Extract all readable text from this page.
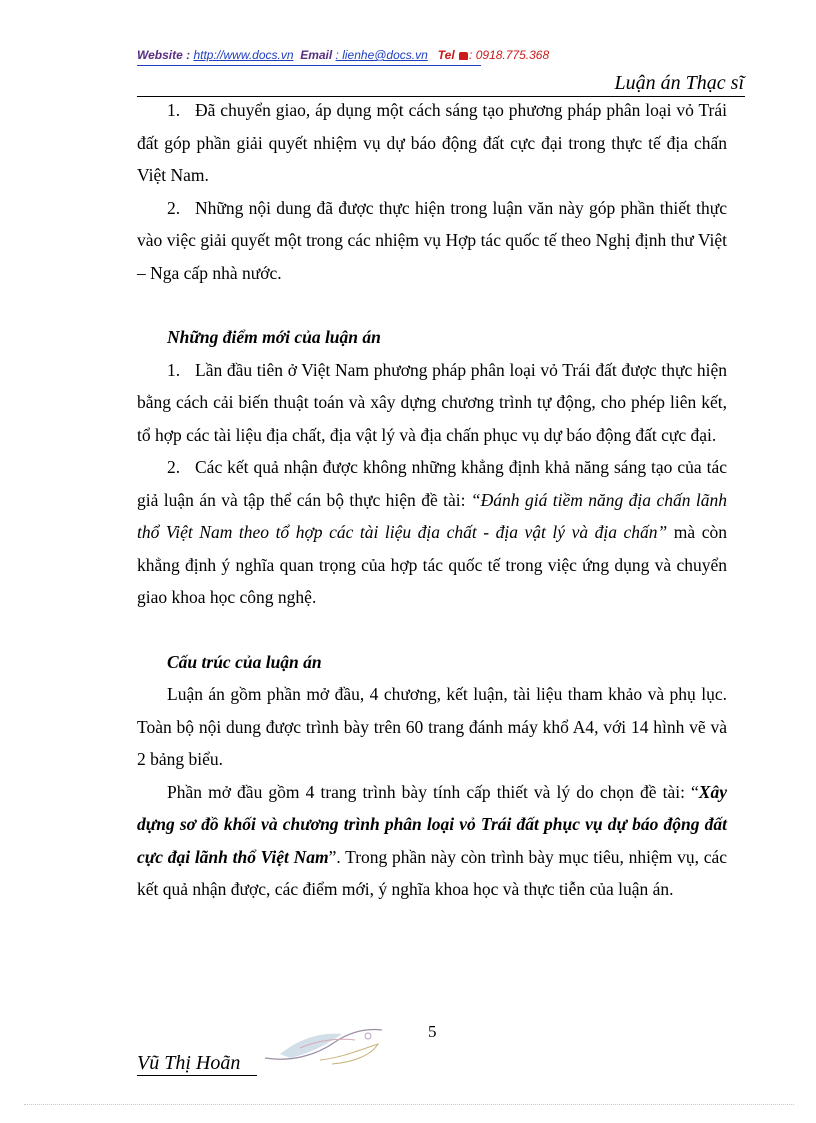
Website : http://www.docs.vn Email : lienhe@docs.vn Tel : 0918.775.368
Luận án Thạc sĩ

1. Đã chuyển giao, áp dụng một cách sáng tạo phương pháp phân loại vỏ Trái đất góp phần giải quyết nhiệm vụ dự báo động đất cực đại trong thực tế địa chấn Việt Nam.

2. Những nội dung đã được thực hiện trong luận văn này góp phần thiết thực vào việc giải quyết một trong các nhiệm vụ Hợp tác quốc tế theo Nghị định thư Việt – Nga cấp nhà nước.

Những điểm mới của luận án

1. Lần đầu tiên ở Việt Nam phương pháp phân loại vỏ Trái đất được thực hiện bằng cách cải biến thuật toán và xây dựng chương trình tự động, cho phép liên kết, tổ hợp các tài liệu địa chất, địa vật lý và địa chấn phục vụ dự báo động đất cực đại.

2. Các kết quả nhận được không những khẳng định khả năng sáng tạo của tác giả luận án và tập thể cán bộ thực hiện đề tài: “Đánh giá tiềm năng địa chấn lãnh thổ Việt Nam theo tổ hợp các tài liệu địa chất - địa vật lý và địa chấn” mà còn khẳng định ý nghĩa quan trọng của hợp tác quốc tế trong việc ứng dụng và chuyển giao khoa học công nghệ.

Cấu trúc của luận án

Luận án gồm phần mở đầu, 4 chương, kết luận, tài liệu tham khảo và phụ lục. Toàn bộ nội dung được trình bày trên 60 trang đánh máy khổ A4, với 14 hình vẽ và 2 bảng biểu.

Phần mở đầu gồm 4 trang trình bày tính cấp thiết và lý do chọn đề tài: “Xây dựng sơ đồ khối và chương trình phân loại vỏ Trái đất phục vụ dự báo động đất cực đại lãnh thổ Việt Nam”. Trong phần này còn trình bày mục tiêu, nhiệm vụ, các kết quả nhận được, các điểm mới, ý nghĩa khoa học và thực tiễn của luận án.

5
Vũ Thị Hoãn
